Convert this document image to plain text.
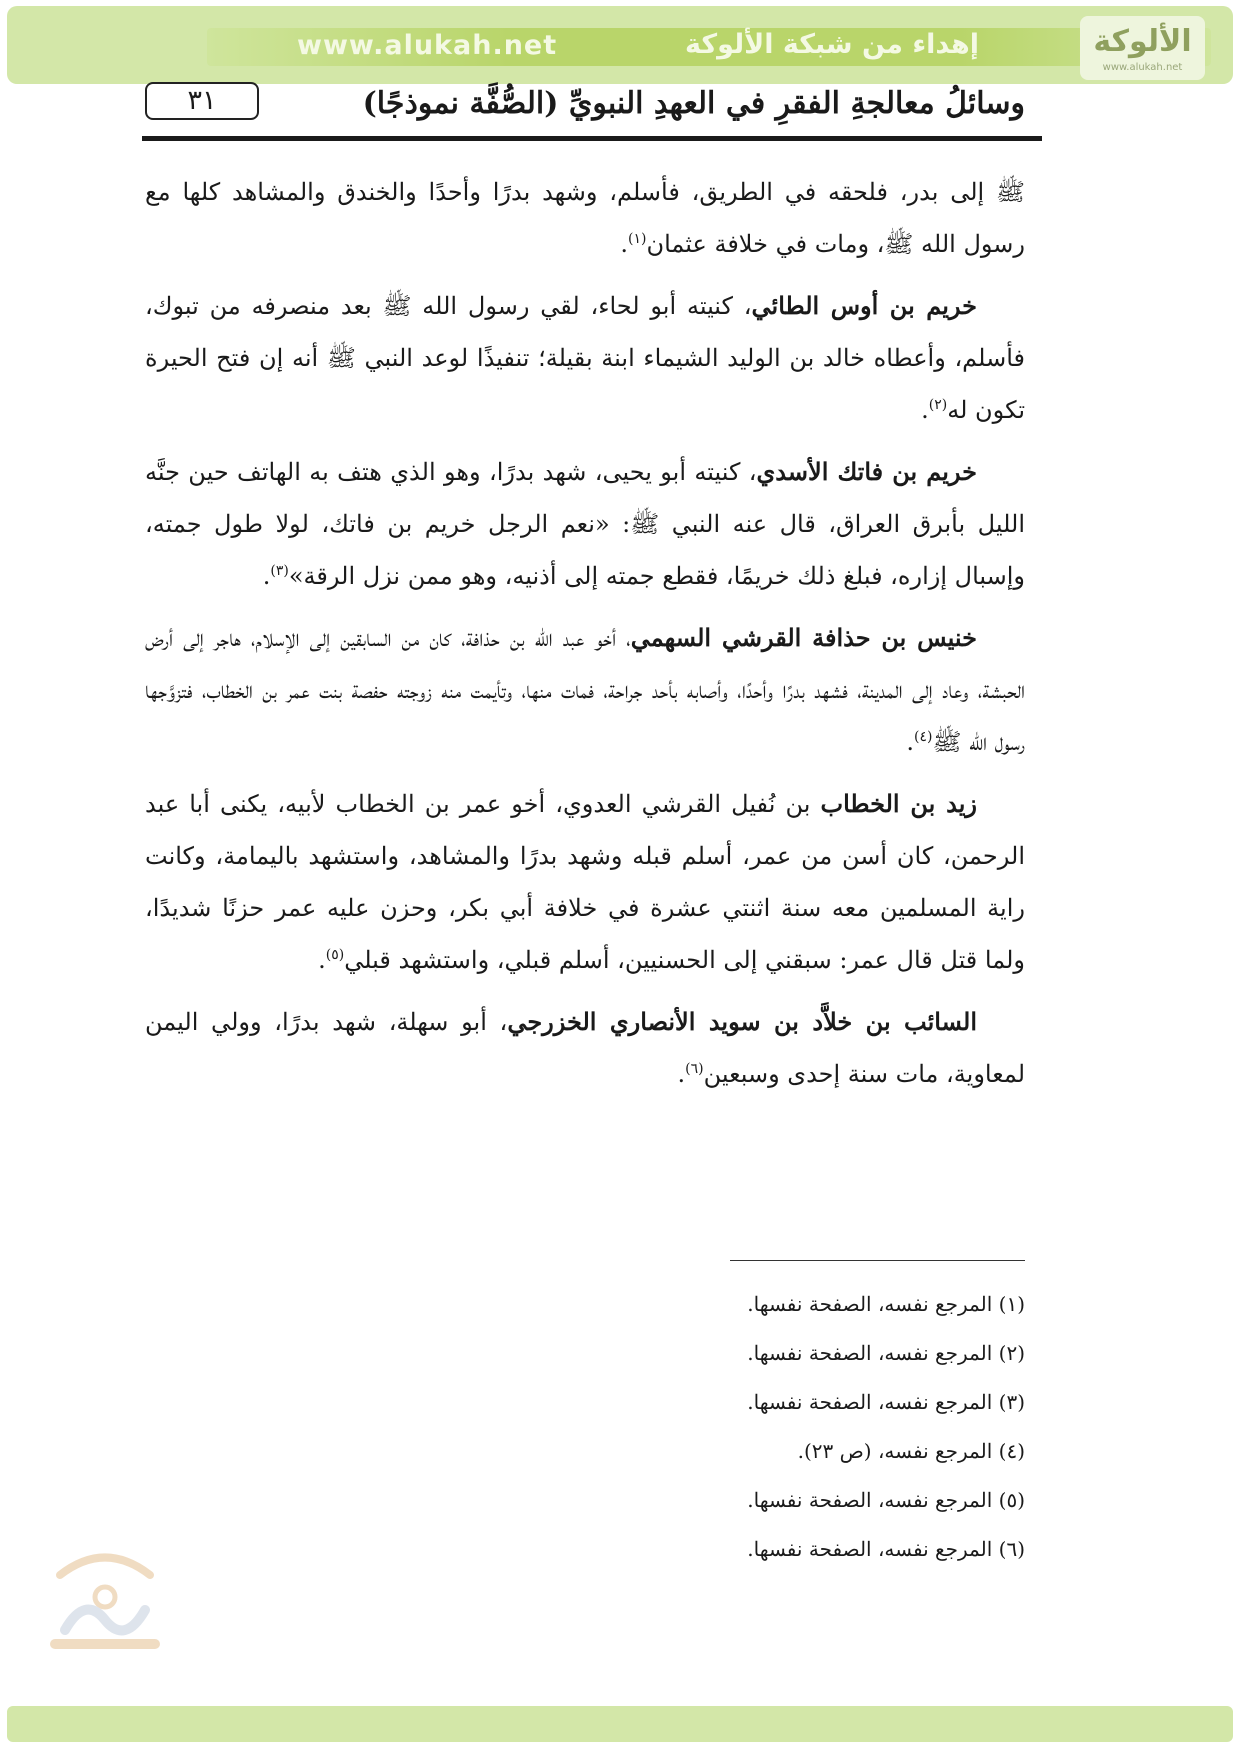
www.alukah.net	إهداء من شبكة الألوكة	الألوكة
www.alukah.net
٣١	وسائلُ معالجةِ الفقرِ في العهدِ النبويِّ (الصُّفَّة نموذجًا)

ﷺ إلى بدر، فلحقه في الطريق، فأسلم، وشهد بدرًا وأحدًا والخندق والمشاهد كلها مع رسول الله ﷺ، ومات في خلافة عثمان$^{(١)}$.

خريم بن أوس الطائي، كنيته أبو لحاء، لقي رسول الله ﷺ بعد منصرفه من تبوك، فأسلم، وأعطاه خالد بن الوليد الشيماء ابنة بقيلة؛ تنفيذًا لوعد النبي ﷺ أنه إن فتح الحيرة تكون له$^{(٢)}$.

خريم بن فاتك الأسدي، كنيته أبو يحيى، شهد بدرًا، وهو الذي هتف به الهاتف حين جنَّه الليل بأبرق العراق، قال عنه النبي ﷺ: «نعم الرجل خريم بن فاتك، لولا طول جمته، وإسبال إزاره، فبلغ ذلك خريمًا، فقطع جمته إلى أذنيه، وهو ممن نزل الرقة»$^{(٣)}$.

خنيس بن حذافة القرشي السهمي، أخو عبد الله بن حذافة، كان من السابقين إلى الإسلام، هاجر إلى أرض الحبشة، وعاد إلى المدينة، فشهد بدرًا وأحدًا، وأصابه بأحد جراحة، فمات منها، وتأيمت منه زوجته حفصة بنت عمر بن الخطاب، فتزوَّجها رسول الله ﷺ$^{(٤)}$.

زيد بن الخطاب بن نُفيل القرشي العدوي، أخو عمر بن الخطاب لأبيه، يكنى أبا عبد الرحمن، كان أسن من عمر، أسلم قبله وشهد بدرًا والمشاهد، واستشهد باليمامة، وكانت راية المسلمين معه سنة اثنتي عشرة في خلافة أبي بكر، وحزن عليه عمر حزنًا شديدًا، ولما قتل قال عمر: سبقني إلى الحسنيين، أسلم قبلي، واستشهد قبلي$^{(٥)}$.

السائب بن خلاَّد بن سويد الأنصاري الخزرجي، أبو سهلة، شهد بدرًا، وولي اليمن لمعاوية، مات سنة إحدى وسبعين$^{(٦)}$.

(١) المرجع نفسه، الصفحة نفسها.
(٢) المرجع نفسه، الصفحة نفسها.
(٣) المرجع نفسه، الصفحة نفسها.
(٤) المرجع نفسه، (ص ٢٣).
(٥) المرجع نفسه، الصفحة نفسها.
(٦) المرجع نفسه، الصفحة نفسها.
